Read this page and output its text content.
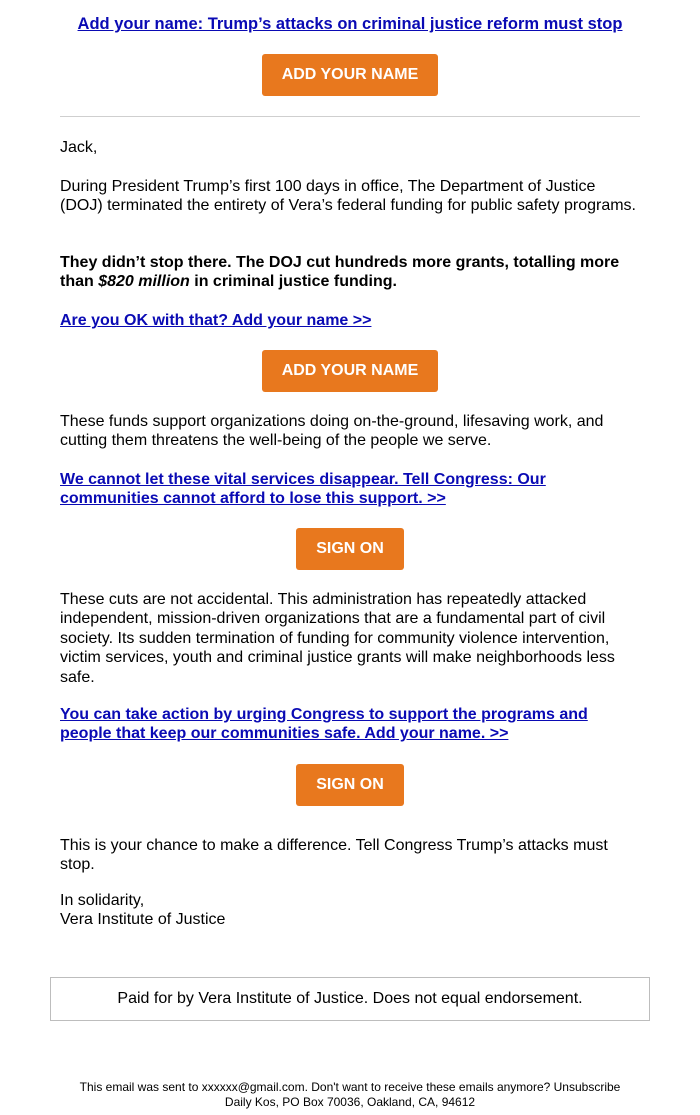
Add your name: Trump’s attacks on criminal justice reform must stop
ADD YOUR NAME

Jack,

During President Trump’s first 100 days in office, The Department of Justice (DOJ) terminated the entirety of Vera’s federal funding for public safety programs.

They didn’t stop there. The DOJ cut hundreds more grants, totalling more than $820 million in criminal justice funding.

Are you OK with that? Add your name >>

ADD YOUR NAME

These funds support organizations doing on-the-ground, lifesaving work, and cutting them threatens the well-being of the people we serve.

We cannot let these vital services disappear. Tell Congress: Our communities cannot afford to lose this support. >>

SIGN ON

These cuts are not accidental. This administration has repeatedly attacked independent, mission-driven organizations that are a fundamental part of civil society. Its sudden termination of funding for community violence intervention, victim services, youth and criminal justice grants will make neighborhoods less safe.

You can take action by urging Congress to support the programs and people that keep our communities safe. Add your name. >>

SIGN ON

This is your chance to make a difference. Tell Congress Trump’s attacks must stop.

In solidarity,

Vera Institute of Justice

Paid for by Vera Institute of Justice. Does not equal endorsement.
This email was sent to xxxxxx@gmail.com. Don't want to receive these emails anymore? Unsubscribe
Daily Kos, PO Box 70036, Oakland, CA, 94612
